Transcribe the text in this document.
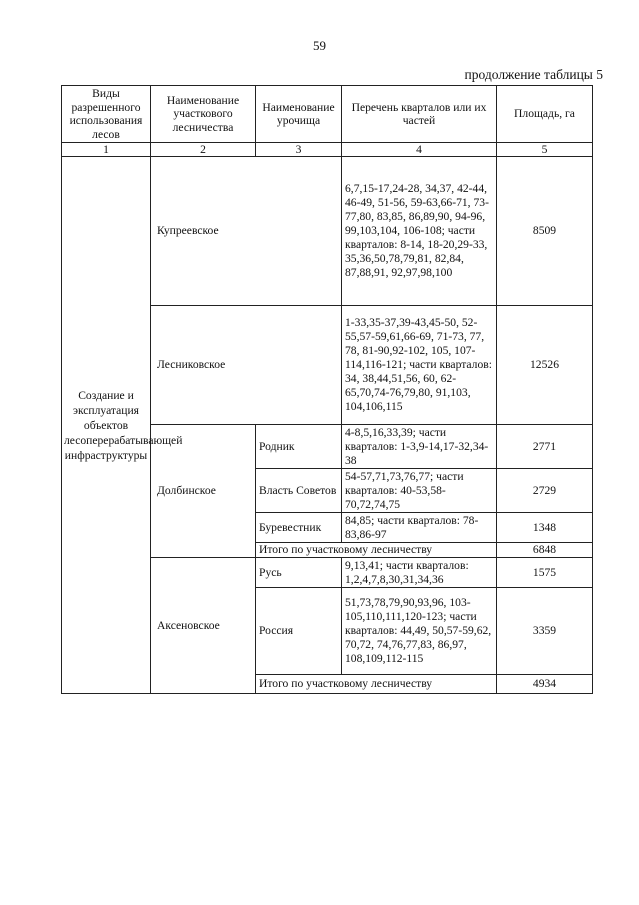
59
продолжение таблицы 5
Виды разрешенного использования лесов	Наименование участкового лесничества	Наименование урочища	Перечень кварталов или их частей	Площадь, га
1	2	3	4	5
Создание и эксплуатация объектов лесоперерабатывающей инфраструктуры	Купреевское		6,7,15-17,24-28, 34,37, 42-44, 46-49, 51-56, 59-63,66-71, 73-77,80, 83,85, 86,89,90, 94-96, 99,103,104, 106-108; части кварталов: 8-14, 18-20,29-33, 35,36,50,78,79,81, 82,84, 87,88,91, 92,97,98,100	8509
	Лесниковское		1-33,35-37,39-43,45-50, 52-55,57-59,61,66-69, 71-73, 77, 78, 81-90,92-102, 105, 107-114,116-121; части кварталов: 34, 38,44,51,56, 60, 62-65,70,74-76,79,80, 91,103, 104,106,115	12526
	Долбинское	Родник	4-8,5,16,33,39; части кварталов: 1-3,9-14,17-32,34-38	2771
		Власть Советов	54-57,71,73,76,77; части кварталов: 40-53,58-70,72,74,75	2729
		Буревестник	84,85; части кварталов: 78-83,86-97	1348
		Итого по участковому лесничеству		6848
	Аксеновское	Русь	9,13,41; части кварталов: 1,2,4,7,8,30,31,34,36	1575
		Россия	51,73,78,79,90,93,96, 103-105,110,111,120-123; части кварталов: 44,49, 50,57-59,62, 70,72, 74,76,77,83, 86,97, 108,109,112-115	3359
		Итого по участковому лесничеству		4934
